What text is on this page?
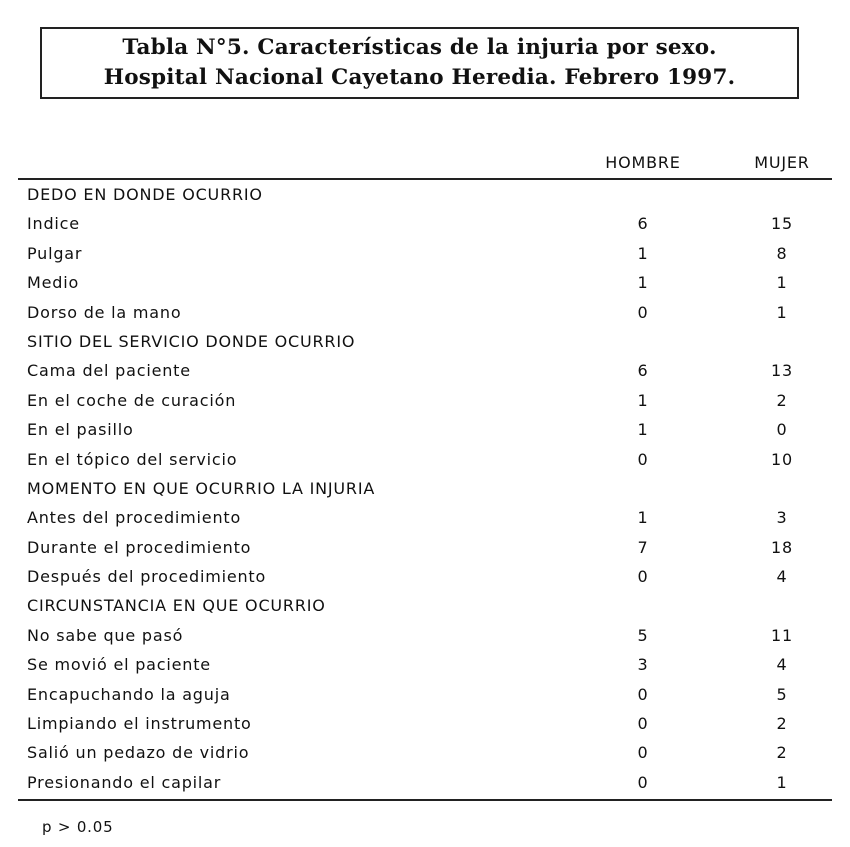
Tabla N°5. Características de la injuria por sexo.
Hospital Nacional Cayetano Heredia. Febrero 1997.
HOMBRE	MUJER
DEDO EN DONDE OCURRIO
Indice	6	15
Pulgar	1	8
Medio	1	1
Dorso de la mano	0	1
SITIO DEL SERVICIO DONDE OCURRIO
Cama del paciente	6	13
En el coche de curación	1	2
En el pasillo	1	0
En el tópico del servicio	0	10
MOMENTO EN QUE OCURRIO LA INJURIA
Antes del procedimiento	1	3
Durante el procedimiento	7	18
Después del procedimiento	0	4
CIRCUNSTANCIA EN QUE OCURRIO
No sabe que pasó	5	11
Se movió el paciente	3	4
Encapuchando la aguja	0	5
Limpiando el instrumento	0	2
Salió un pedazo de vidrio	0	2
Presionando el capilar	0	1
p > 0.05
